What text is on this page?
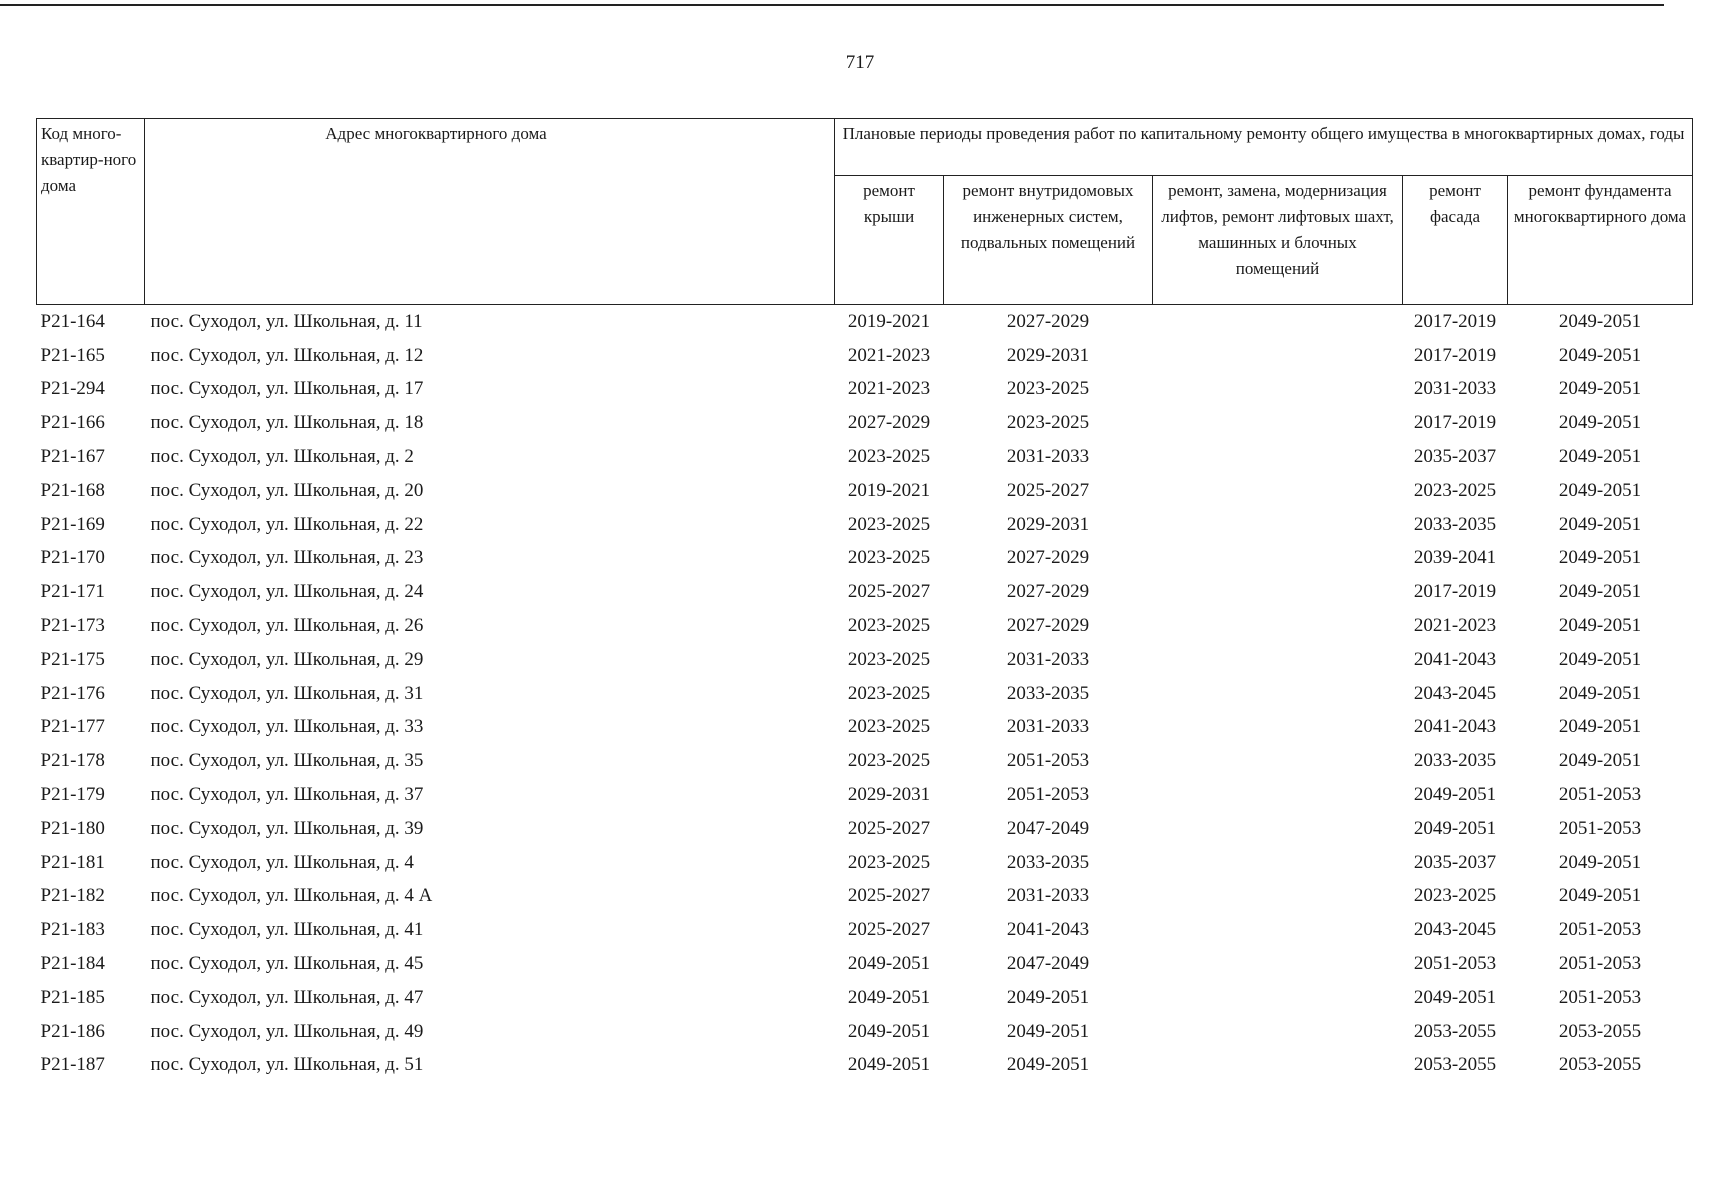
717
Код много-квартир-ного дома	Адрес многоквартирного дома	Плановые периоды проведения работ по капитальному ремонту общего имущества в многоквартирных домах, годы				
		ремонт крыши	ремонт внутридомовых инженерных систем, подвальных помещений	ремонт, замена, модернизация лифтов, ремонт лифтовых шахт, машинных и блочных помещений	ремонт фасада	ремонт фундамента многоквартирного дома
P21-164	пос. Суходол, ул. Школьная, д. 11	2019-2021	2027-2029		2017-2019	2049-2051
P21-165	пос. Суходол, ул. Школьная, д. 12	2021-2023	2029-2031		2017-2019	2049-2051
P21-294	пос. Суходол, ул. Школьная, д. 17	2021-2023	2023-2025		2031-2033	2049-2051
P21-166	пос. Суходол, ул. Школьная, д. 18	2027-2029	2023-2025		2017-2019	2049-2051
P21-167	пос. Суходол, ул. Школьная, д. 2	2023-2025	2031-2033		2035-2037	2049-2051
P21-168	пос. Суходол, ул. Школьная, д. 20	2019-2021	2025-2027		2023-2025	2049-2051
P21-169	пос. Суходол, ул. Школьная, д. 22	2023-2025	2029-2031		2033-2035	2049-2051
P21-170	пос. Суходол, ул. Школьная, д. 23	2023-2025	2027-2029		2039-2041	2049-2051
P21-171	пос. Суходол, ул. Школьная, д. 24	2025-2027	2027-2029		2017-2019	2049-2051
P21-173	пос. Суходол, ул. Школьная, д. 26	2023-2025	2027-2029		2021-2023	2049-2051
P21-175	пос. Суходол, ул. Школьная, д. 29	2023-2025	2031-2033		2041-2043	2049-2051
P21-176	пос. Суходол, ул. Школьная, д. 31	2023-2025	2033-2035		2043-2045	2049-2051
P21-177	пос. Суходол, ул. Школьная, д. 33	2023-2025	2031-2033		2041-2043	2049-2051
P21-178	пос. Суходол, ул. Школьная, д. 35	2023-2025	2051-2053		2033-2035	2049-2051
P21-179	пос. Суходол, ул. Школьная, д. 37	2029-2031	2051-2053		2049-2051	2051-2053
P21-180	пос. Суходол, ул. Школьная, д. 39	2025-2027	2047-2049		2049-2051	2051-2053
P21-181	пос. Суходол, ул. Школьная, д. 4	2023-2025	2033-2035		2035-2037	2049-2051
P21-182	пос. Суходол, ул. Школьная, д. 4 А	2025-2027	2031-2033		2023-2025	2049-2051
P21-183	пос. Суходол, ул. Школьная, д. 41	2025-2027	2041-2043		2043-2045	2051-2053
P21-184	пос. Суходол, ул. Школьная, д. 45	2049-2051	2047-2049		2051-2053	2051-2053
P21-185	пос. Суходол, ул. Школьная, д. 47	2049-2051	2049-2051		2049-2051	2051-2053
P21-186	пос. Суходол, ул. Школьная, д. 49	2049-2051	2049-2051		2053-2055	2053-2055
P21-187	пос. Суходол, ул. Школьная, д. 51	2049-2051	2049-2051		2053-2055	2053-2055
